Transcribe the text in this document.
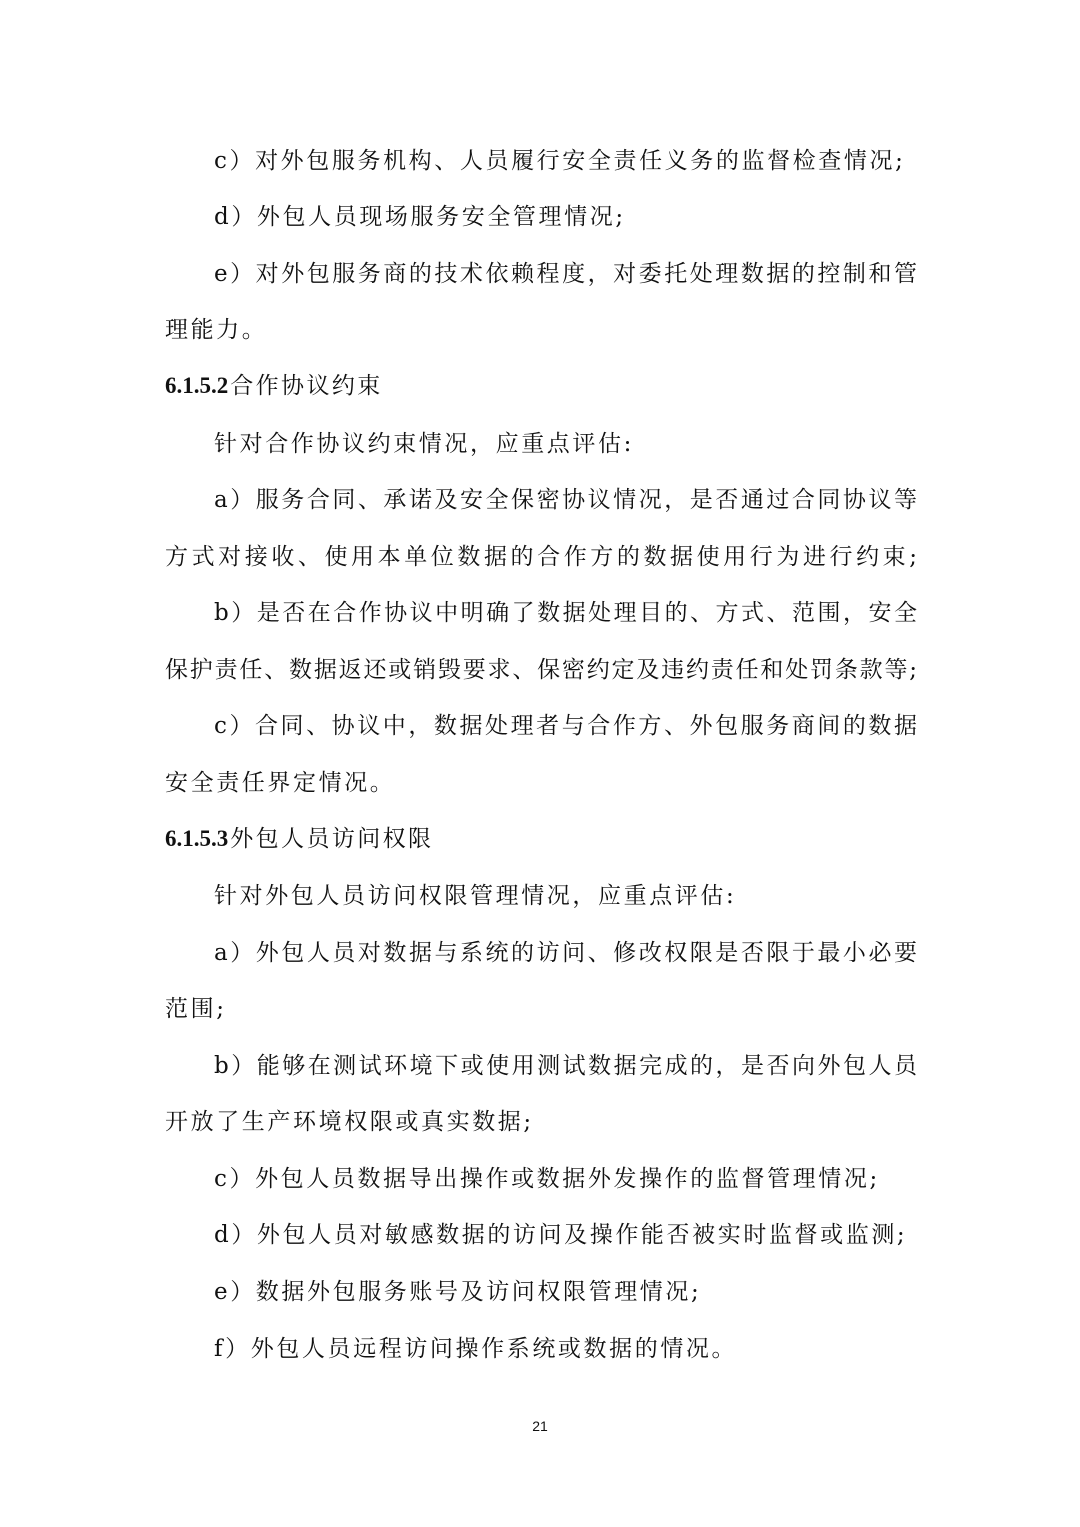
c）对外包服务机构、人员履行安全责任义务的监督检查情况;
d）外包人员现场服务安全管理情况;
e）对外包服务商的技术依赖程度，对委托处理数据的控制和管
理能力。
6.1.5.2合作协议约束
针对合作协议约束情况，应重点评估:
a）服务合同、承诺及安全保密协议情况，是否通过合同协议等
方式对接收、使用本单位数据的合作方的数据使用行为进行约束;
b）是否在合作协议中明确了数据处理目的、方式、范围，安全
保护责任、数据返还或销毁要求、保密约定及违约责任和处罚条款等;
c）合同、协议中，数据处理者与合作方、外包服务商间的数据
安全责任界定情况。
6.1.5.3外包人员访问权限
针对外包人员访问权限管理情况，应重点评估:
a）外包人员对数据与系统的访问、修改权限是否限于最小必要
范围;
b）能够在测试环境下或使用测试数据完成的，是否向外包人员
开放了生产环境权限或真实数据;
c）外包人员数据导出操作或数据外发操作的监督管理情况;
d）外包人员对敏感数据的访问及操作能否被实时监督或监测;
e）数据外包服务账号及访问权限管理情况;
f）外包人员远程访问操作系统或数据的情况。
21
